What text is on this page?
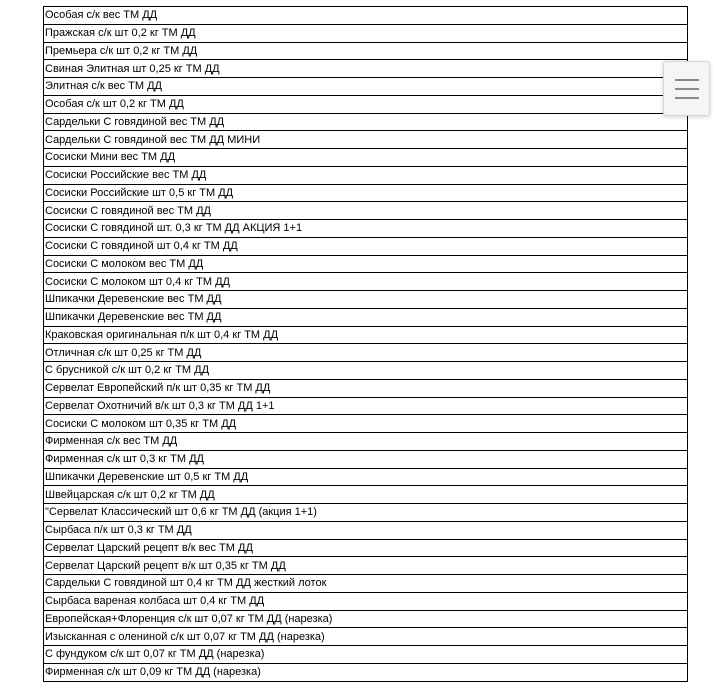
Особая с/к вес ТМ ДД
Пражская с/к шт 0,2 кг ТМ ДД
Премьера с/к шт 0,2 кг ТМ ДД
Свиная Элитная шт 0,25 кг ТМ ДД
Элитная с/к вес ТМ ДД
Особая с/к шт 0,2 кг ТМ ДД
Сардельки С говядиной вес ТМ ДД
Сардельки С говядиной вес ТМ ДД МИНИ
Сосиски Мини вес ТМ ДД
Сосиски Российские вес ТМ ДД
Сосиски Российские шт 0,5 кг ТМ ДД
Сосиски С говядиной вес ТМ ДД
Сосиски С говядиной шт. 0,3 кг ТМ ДД АКЦИЯ 1+1
Сосиски С говядиной шт 0,4 кг ТМ ДД
Сосиски С молоком вес ТМ ДД
Сосиски С молоком шт 0,4 кг ТМ ДД
Шпикачки Деревенские вес ТМ ДД
Шпикачки Деревенские вес ТМ ДД
Краковская оригинальная п/к шт 0,4 кг ТМ ДД
Отличная с/к шт 0,25 кг ТМ ДД
С брусникой с/к шт 0,2 кг ТМ ДД
Сервелат Европейский п/к шт 0,35 кг ТМ ДД
Сервелат Охотничий в/к шт 0,3 кг ТМ ДД 1+1
Сосиски С молоком шт 0,35 кг ТМ ДД
Фирменная с/к вес ТМ ДД
Фирменная с/к шт 0,3 кг ТМ ДД
Шпикачки Деревенские шт 0,5 кг ТМ ДД
Швейцарская с/к шт 0,2 кг ТМ ДД
"Сервелат Классический шт 0,6 кг ТМ ДД (акция 1+1)
Сырбаса п/к шт 0,3 кг ТМ ДД
Сервелат Царский рецепт в/к вес ТМ ДД
Сервелат Царский рецепт в/к шт 0,35 кг ТМ ДД
Сардельки С говядиной шт 0,4 кг ТМ ДД жесткий лоток
Сырбаса вареная колбаса шт 0,4 кг ТМ ДД
Европейская+Флоренция с/к шт 0,07 кг ТМ ДД (нарезка)
Изысканная с олениной с/к шт 0,07 кг ТМ ДД (нарезка)
С фундуком с/к шт 0,07 кг ТМ ДД (нарезка)
Фирменная с/к шт 0,09 кг ТМ ДД (нарезка)
